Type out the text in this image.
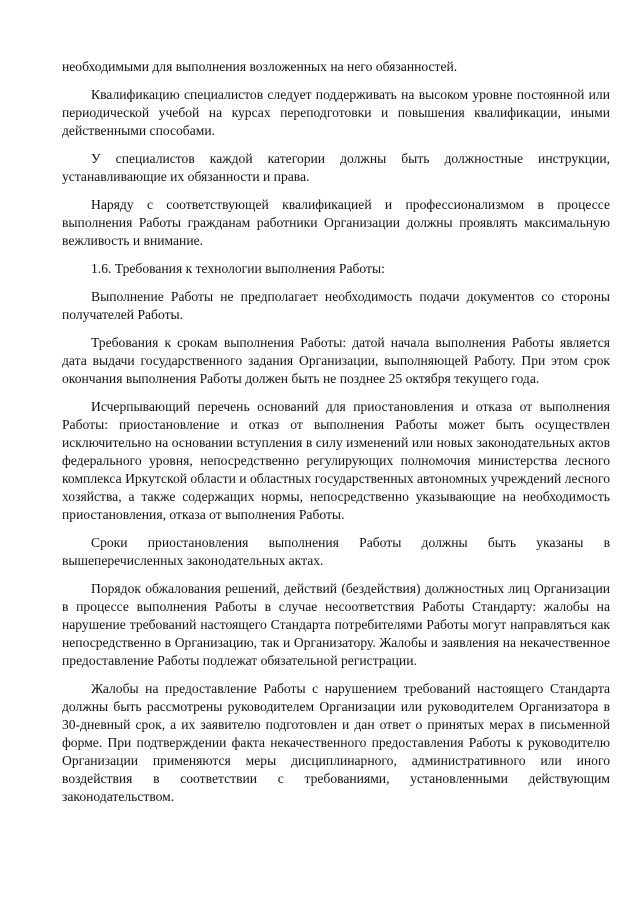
необходимыми для выполнения возложенных на него обязанностей.

Квалификацию специалистов следует поддерживать на высоком уровне постоянной или периодической учебой на курсах переподготовки и повышения квалификации, иными действенными способами.

У специалистов каждой категории должны быть должностные инструкции, устанавливающие их обязанности и права.

Наряду с соответствующей квалификацией и профессионализмом в процессе выполнения Работы гражданам работники Организации должны проявлять максимальную вежливость и внимание.

1.6. Требования к технологии выполнения Работы:

Выполнение Работы не предполагает необходимость подачи документов со стороны получателей Работы.

Требования к срокам выполнения Работы: датой начала выполнения Работы является дата выдачи государственного задания Организации, выполняющей Работу. При этом срок окончания выполнения Работы должен быть не позднее 25 октября текущего года.

Исчерпывающий перечень оснований для приостановления и отказа от выполнения Работы: приостановление и отказ от выполнения Работы может быть осуществлен исключительно на основании вступления в силу изменений или новых законодательных актов федерального уровня, непосредственно регулирующих полномочия министерства лесного комплекса Иркутской области и областных государственных автономных учреждений лесного хозяйства, а также содержащих нормы, непосредственно указывающие на необходимость приостановления, отказа от выполнения Работы.

Сроки приостановления выполнения Работы должны быть указаны в вышеперечисленных законодательных актах.

Порядок обжалования решений, действий (бездействия) должностных лиц Организации в процессе выполнения Работы в случае несоответствия Работы Стандарту: жалобы на нарушение требований настоящего Стандарта потребителями Работы могут направляться как непосредственно в Организацию, так и Организатору. Жалобы и заявления на некачественное предоставление Работы подлежат обязательной регистрации.

Жалобы на предоставление Работы с нарушением требований настоящего Стандарта должны быть рассмотрены руководителем Организации или руководителем Организатора в 30-дневный срок, а их заявителю подготовлен и дан ответ о принятых мерах в письменной форме. При подтверждении факта некачественного предоставления Работы к руководителю Организации применяются меры дисциплинарного, административного или иного воздействия в соответствии с требованиями, установленными действующим законодательством.
